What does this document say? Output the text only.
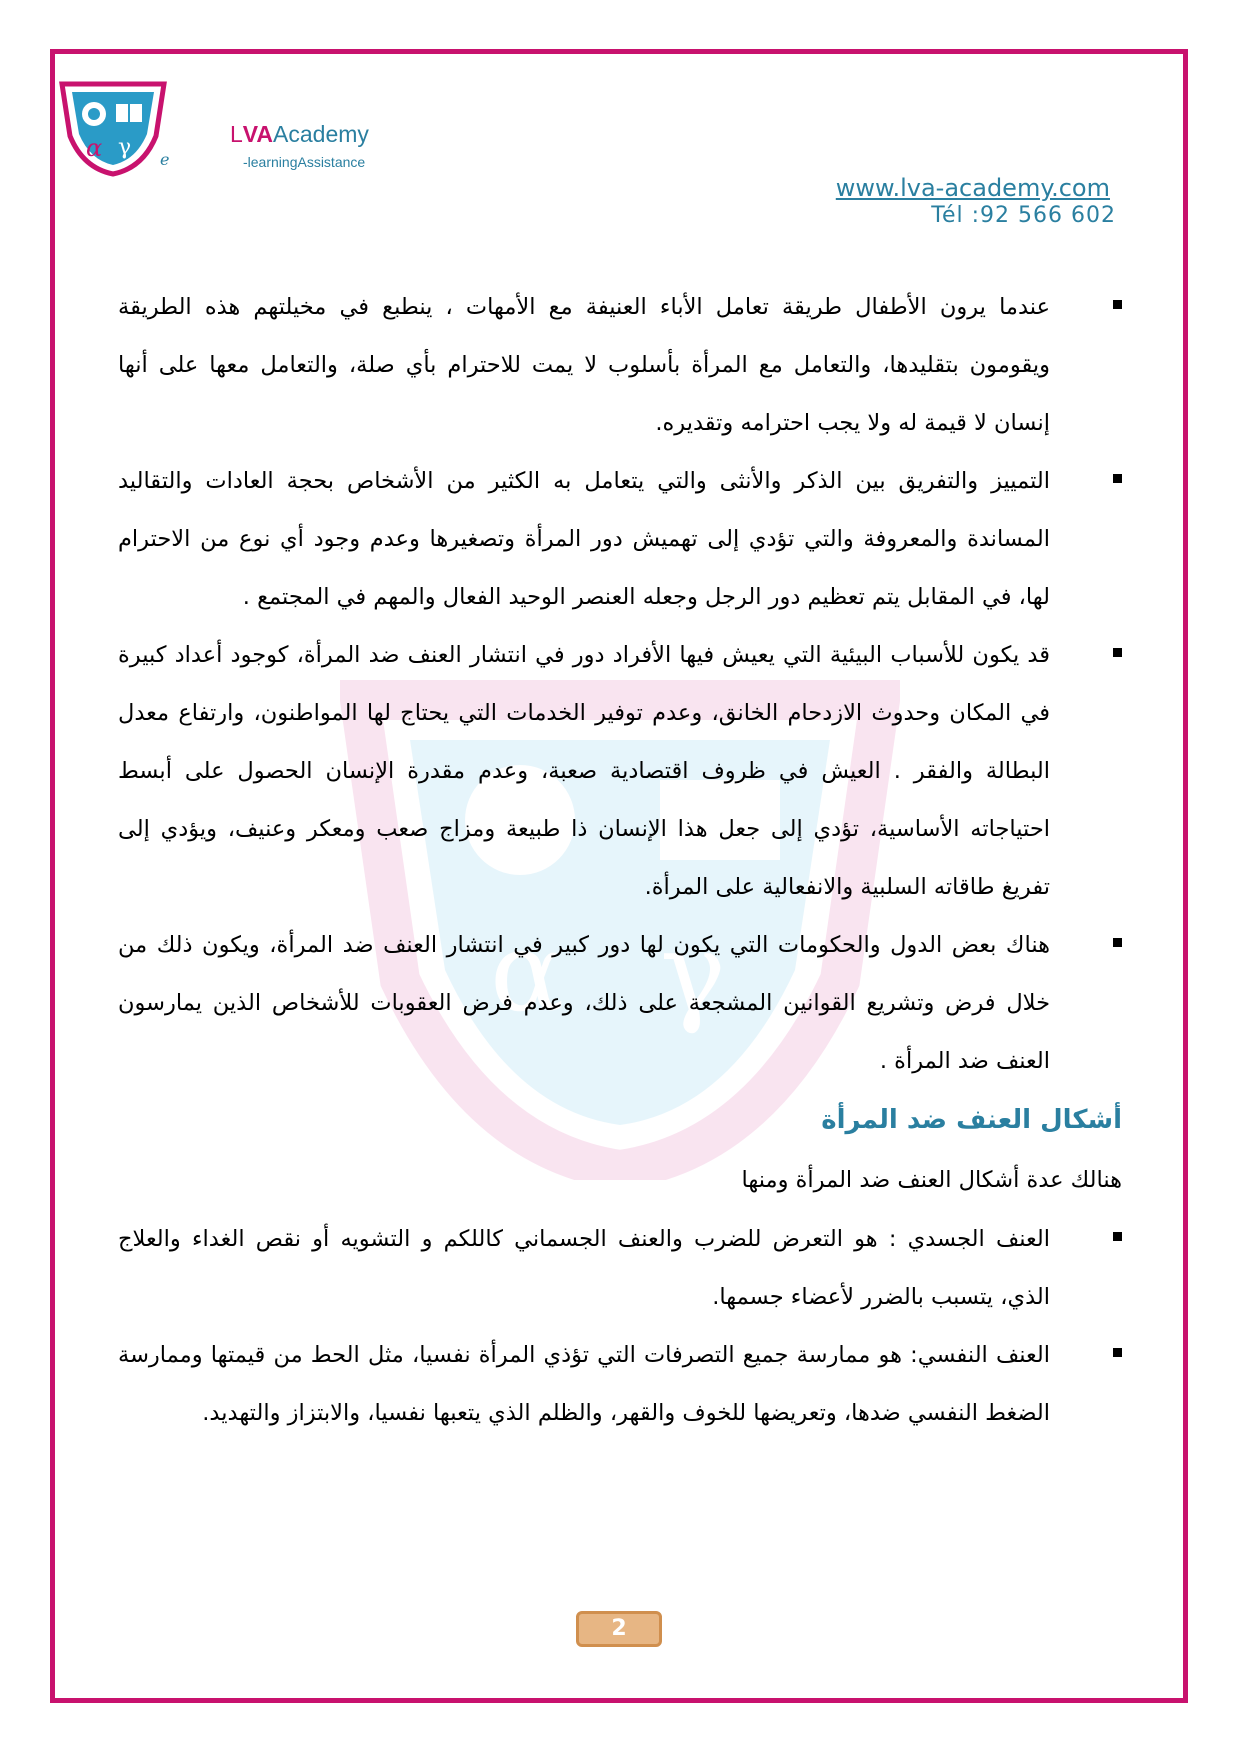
α γ
α γ e
LVAAcademy
-learningAssistance
www.lva-academy.com
Tél :92 566 602
عندما يرون الأطفال طريقة تعامل الأباء العنيفة مع الأمهات ، ينطبع في مخيلتهم هذه الطريقة ويقومون بتقليدها، والتعامل مع المرأة بأسلوب لا يمت للاحترام بأي صلة، والتعامل معها على أنها إنسان لا قيمة له ولا يجب احترامه وتقديره.
التمييز والتفريق بين الذكر والأنثى والتي يتعامل به الكثير من الأشخاص بحجة العادات والتقاليد المساندة والمعروفة والتي تؤدي إلى تهميش دور المرأة وتصغيرها وعدم وجود أي نوع من الاحترام لها، في المقابل يتم تعظيم دور الرجل وجعله العنصر الوحيد الفعال والمهم في المجتمع .
قد يكون للأسباب البيئية التي يعيش فيها الأفراد دور في انتشار العنف ضد المرأة، كوجود أعداد كبيرة في المكان وحدوث الازدحام الخانق، وعدم توفير الخدمات التي يحتاج لها المواطنون، وارتفاع معدل البطالة والفقر . العيش في ظروف اقتصادية صعبة، وعدم مقدرة الإنسان الحصول على أبسط احتياجاته الأساسية، تؤدي إلى جعل هذا الإنسان ذا طبيعة ومزاج صعب ومعكر وعنيف، ويؤدي إلى تفريغ طاقاته السلبية والانفعالية على المرأة.
هناك بعض الدول والحكومات التي يكون لها دور كبير في انتشار العنف ضد المرأة، ويكون ذلك من خلال فرض وتشريع القوانين المشجعة على ذلك، وعدم فرض العقوبات للأشخاص الذين يمارسون العنف ضد المرأة .
أشكال العنف ضد المرأة

هنالك عدة أشكال العنف ضد المرأة ومنها

العنف الجسدي : هو التعرض للضرب والعنف الجسماني كاللكم و التشويه أو نقص الغداء والعلاج الذي، يتسبب بالضرر لأعضاء جسمها.
العنف النفسي: هو ممارسة جميع التصرفات التي تؤذي المرأة نفسيا، مثل الحط من قيمتها وممارسة الضغط النفسي ضدها، وتعريضها للخوف والقهر، والظلم الذي يتعبها نفسيا، والابتزاز والتهديد.
2
